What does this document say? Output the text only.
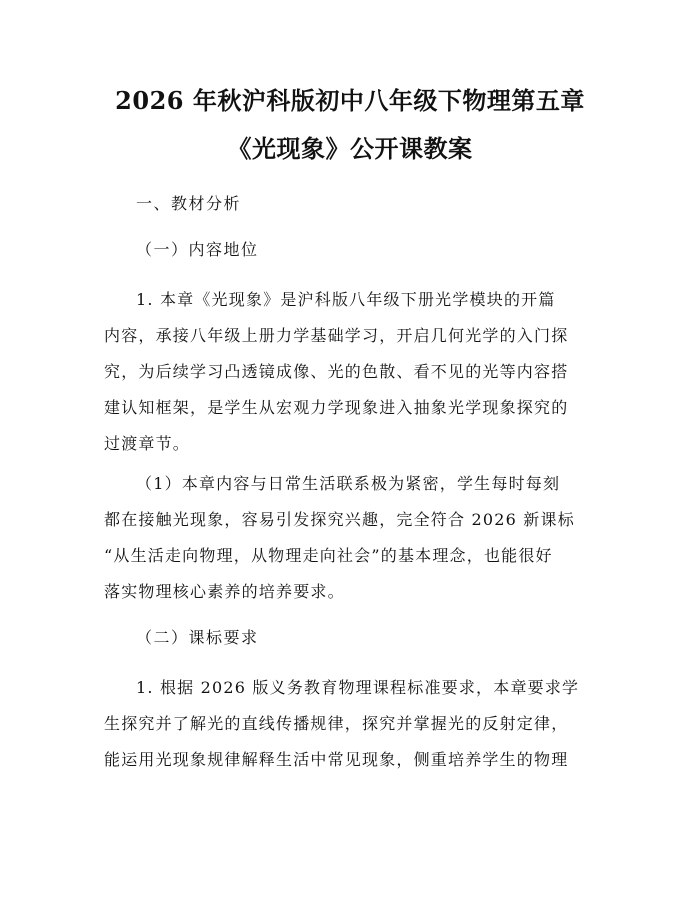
2026 年秋沪科版初中八年级下物理第五章
《光现象》公开课教案

一、教材分析

（一）内容地位

1. 本章《光现象》是沪科版八年级下册光学模块的开篇
内容，承接八年级上册力学基础学习，开启几何光学的入门探
究，为后续学习凸透镜成像、光的色散、看不见的光等内容搭
建认知框架，是学生从宏观力学现象进入抽象光学现象探究的
过渡章节。
（1）本章内容与日常生活联系极为紧密，学生每时每刻
都在接触光现象，容易引发探究兴趣，完全符合 2026 新课标
“从生活走向物理，从物理走向社会”的基本理念，也能很好
落实物理核心素养的培养要求。

（二）课标要求

1. 根据 2026 版义务教育物理课程标准要求，本章要求学
生探究并了解光的直线传播规律，探究并掌握光的反射定律，
能运用光现象规律解释生活中常见现象，侧重培养学生的物理
